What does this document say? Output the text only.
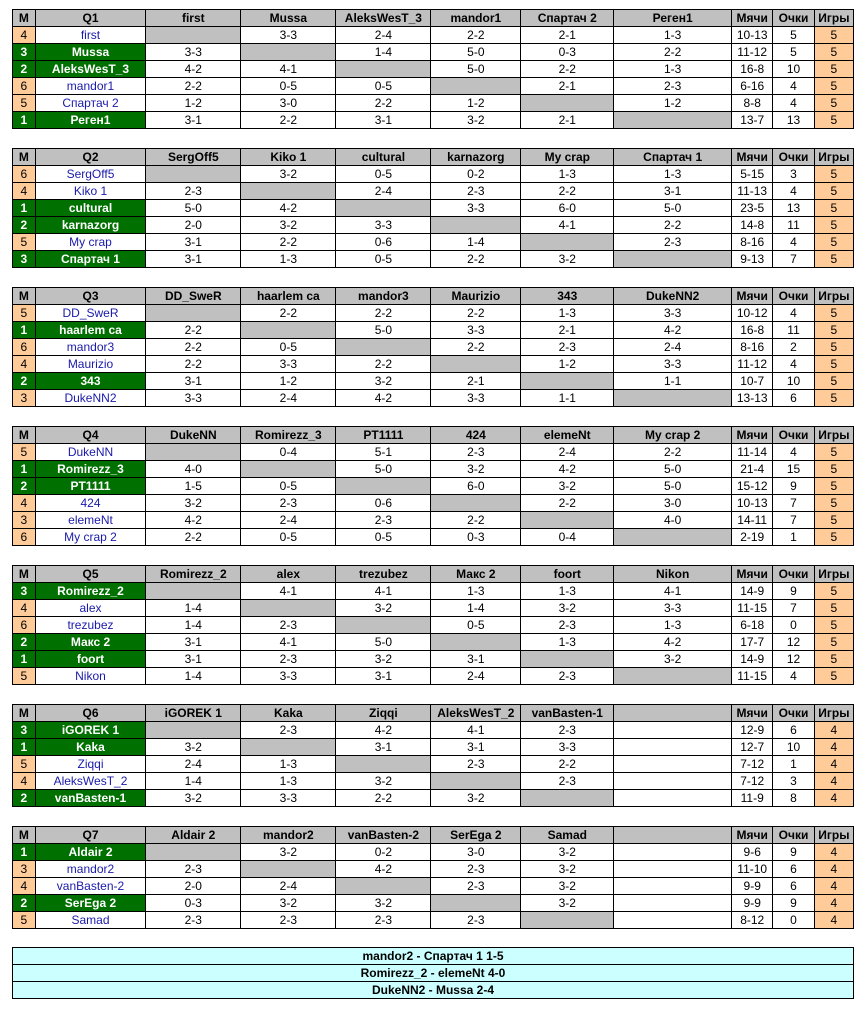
М	Q1	first	Mussa	AleksWesT_3	mandor1	Спартач 2	Реген1	Мячи	Очки	Игры
4	first		3-3	2-4	2-2	2-1	1-3	10-13	5	5
3	Mussa	3-3		1-4	5-0	0-3	2-2	11-12	5	5
2	AleksWesT_3	4-2	4-1		5-0	2-2	1-3	16-8	10	5
6	mandor1	2-2	0-5	0-5		2-1	2-3	6-16	4	5
5	Спартач 2	1-2	3-0	2-2	1-2		1-2	8-8	4	5
1	Реген1	3-1	2-2	3-1	3-2	2-1		13-7	13	5
М	Q2	SergOff5	Kiko 1	cultural	karnazorg	My crap	Спартач 1	Мячи	Очки	Игры
6	SergOff5		3-2	0-5	0-2	1-3	1-3	5-15	3	5
4	Kiko 1	2-3		2-4	2-3	2-2	3-1	11-13	4	5
1	cultural	5-0	4-2		3-3	6-0	5-0	23-5	13	5
2	karnazorg	2-0	3-2	3-3		4-1	2-2	14-8	11	5
5	My crap	3-1	2-2	0-6	1-4		2-3	8-16	4	5
3	Спартач 1	3-1	1-3	0-5	2-2	3-2		9-13	7	5
М	Q3	DD_SweR	haarlem ca	mandor3	Maurizio	343	DukeNN2	Мячи	Очки	Игры
5	DD_SweR		2-2	2-2	2-2	1-3	3-3	10-12	4	5
1	haarlem ca	2-2		5-0	3-3	2-1	4-2	16-8	11	5
6	mandor3	2-2	0-5		2-2	2-3	2-4	8-16	2	5
4	Maurizio	2-2	3-3	2-2		1-2	3-3	11-12	4	5
2	343	3-1	1-2	3-2	2-1		1-1	10-7	10	5
3	DukeNN2	3-3	2-4	4-2	3-3	1-1		13-13	6	5
М	Q4	DukeNN	Romirezz_3	PT1111	424	elemeNt	My crap 2	Мячи	Очки	Игры
5	DukeNN		0-4	5-1	2-3	2-4	2-2	11-14	4	5
1	Romirezz_3	4-0		5-0	3-2	4-2	5-0	21-4	15	5
2	PT1111	1-5	0-5		6-0	3-2	5-0	15-12	9	5
4	424	3-2	2-3	0-6		2-2	3-0	10-13	7	5
3	elemeNt	4-2	2-4	2-3	2-2		4-0	14-11	7	5
6	My crap 2	2-2	0-5	0-5	0-3	0-4		2-19	1	5
М	Q5	Romirezz_2	alex	trezubez	Макс 2	foort	Nikon	Мячи	Очки	Игры
3	Romirezz_2		4-1	4-1	1-3	1-3	4-1	14-9	9	5
4	alex	1-4		3-2	1-4	3-2	3-3	11-15	7	5
6	trezubez	1-4	2-3		0-5	2-3	1-3	6-18	0	5
2	Макс 2	3-1	4-1	5-0		1-3	4-2	17-7	12	5
1	foort	3-1	2-3	3-2	3-1		3-2	14-9	12	5
5	Nikon	1-4	3-3	3-1	2-4	2-3		11-15	4	5
М	Q6	iGOREK 1	Kaka	Ziqqi	AleksWesT_2	vanBasten-1		Мячи	Очки	Игры
3	iGOREK 1		2-3	4-2	4-1	2-3		12-9	6	4
1	Kaka	3-2		3-1	3-1	3-3		12-7	10	4
5	Ziqqi	2-4	1-3		2-3	2-2		7-12	1	4
4	AleksWesT_2	1-4	1-3	3-2		2-3		7-12	3	4
2	vanBasten-1	3-2	3-3	2-2	3-2			11-9	8	4
М	Q7	Aldair 2	mandor2	vanBasten-2	SerEga 2	Samad		Мячи	Очки	Игры
1	Aldair 2		3-2	0-2	3-0	3-2		9-6	9	4
3	mandor2	2-3		4-2	2-3	3-2		11-10	6	4
4	vanBasten-2	2-0	2-4		2-3	3-2		9-9	6	4
2	SerEga 2	0-3	3-2	3-2		3-2		9-9	9	4
5	Samad	2-3	2-3	2-3	2-3			8-12	0	4
mandor2 - Спартач 1 1-5
Romirezz_2 - elemeNt 4-0
DukeNN2 - Mussa 2-4
